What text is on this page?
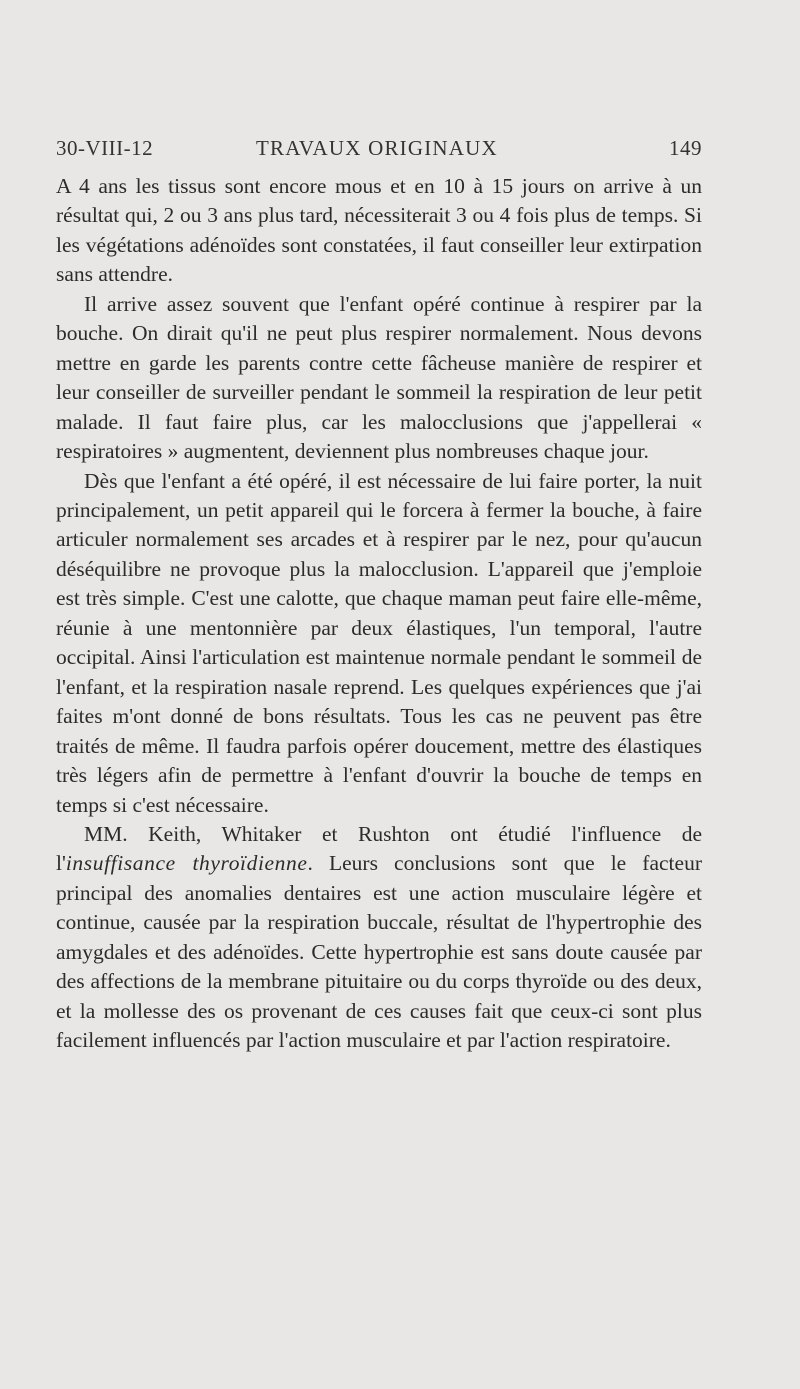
30-VIII-12	TRAVAUX ORIGINAUX	149

A 4 ans les tissus sont encore mous et en 10 à 15 jours on arrive à un résultat qui, 2 ou 3 ans plus tard, nécessiterait 3 ou 4 fois plus de temps. Si les végétations adénoïdes sont constatées, il faut conseiller leur extirpation sans attendre.

Il arrive assez souvent que l'enfant opéré continue à respirer par la bouche. On dirait qu'il ne peut plus respirer normalement. Nous devons mettre en garde les parents contre cette fâcheuse manière de respirer et leur conseiller de surveiller pendant le sommeil la respiration de leur petit malade. Il faut faire plus, car les malocclusions que j'appellerai « respiratoires » augmentent, deviennent plus nombreuses chaque jour.

Dès que l'enfant a été opéré, il est nécessaire de lui faire porter, la nuit principalement, un petit appareil qui le forcera à fermer la bouche, à faire articuler normalement ses arcades et à respirer par le nez, pour qu'aucun déséquilibre ne provoque plus la malocclusion. L'appareil que j'emploie est très simple. C'est une calotte, que chaque maman peut faire elle-même, réunie à une mentonnière par deux élastiques, l'un temporal, l'autre occipital. Ainsi l'articulation est maintenue normale pendant le sommeil de l'enfant, et la respiration nasale reprend. Les quelques expériences que j'ai faites m'ont donné de bons résultats. Tous les cas ne peuvent pas être traités de même. Il faudra parfois opérer doucement, mettre des élastiques très légers afin de permettre à l'enfant d'ouvrir la bouche de temps en temps si c'est nécessaire.

MM. Keith, Whitaker et Rushton ont étudié l'influence de l'insuffisance thyroïdienne. Leurs conclusions sont que le facteur principal des anomalies dentaires est une action musculaire légère et continue, causée par la respiration buccale, résultat de l'hypertrophie des amygdales et des adénoïdes. Cette hypertrophie est sans doute causée par des affections de la membrane pituitaire ou du corps thyroïde ou des deux, et la mollesse des os provenant de ces causes fait que ceux-ci sont plus facilement influencés par l'action musculaire et par l'action respiratoire.
